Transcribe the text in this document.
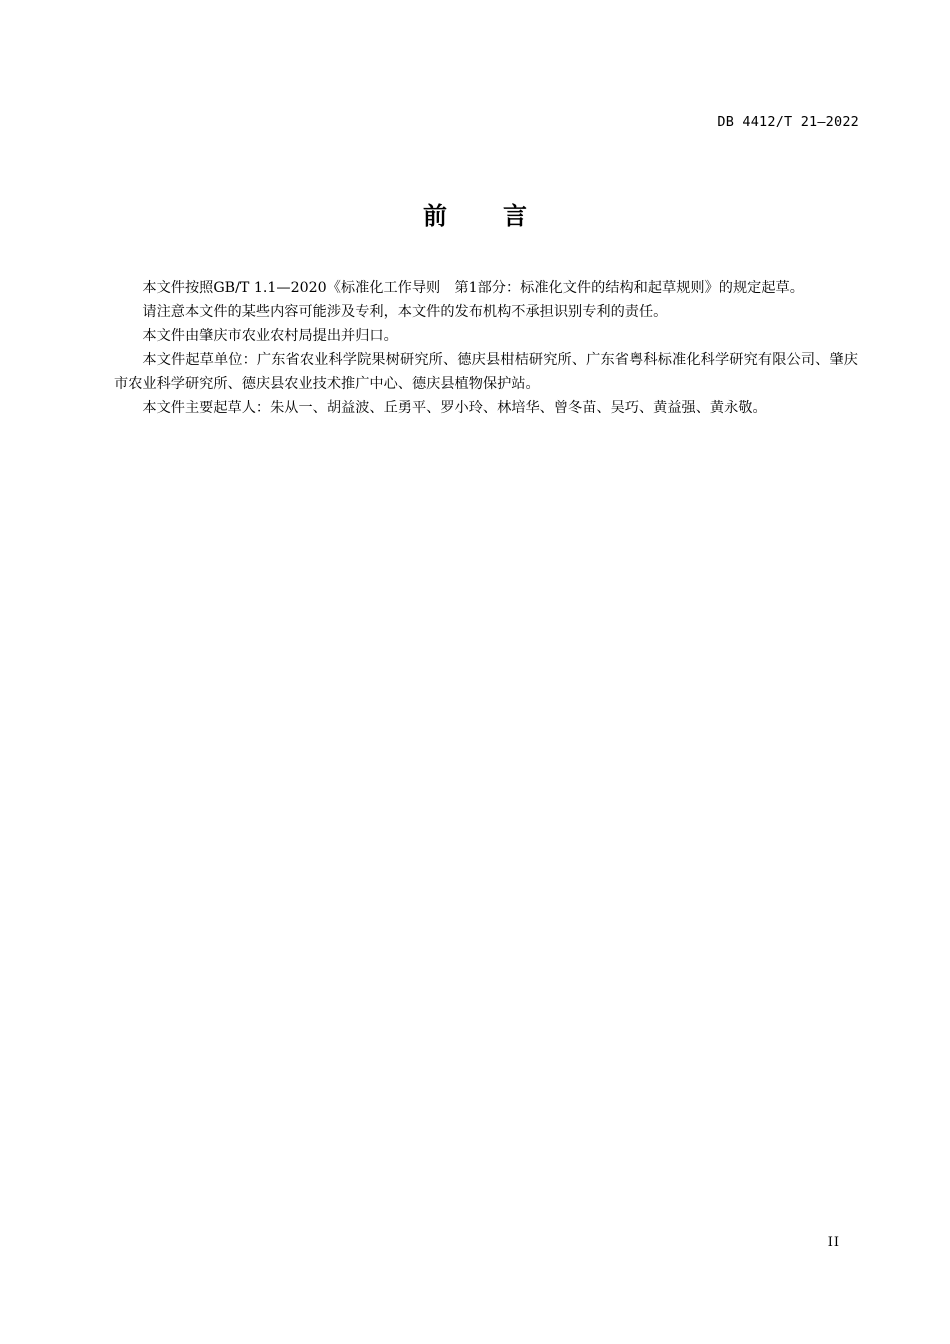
DB 4412/T 21—2022
前 言

本文件按照GB/T 1.1—2020《标准化工作导则　第1部分：标准化文件的结构和起草规则》的规定起草。

请注意本文件的某些内容可能涉及专利，本文件的发布机构不承担识别专利的责任。

本文件由肇庆市农业农村局提出并归口。

本文件起草单位：广东省农业科学院果树研究所、德庆县柑桔研究所、广东省粤科标准化科学研究有限公司、肇庆市农业科学研究所、德庆县农业技术推广中心、德庆县植物保护站。

本文件主要起草人：朱从一、胡益波、丘勇平、罗小玲、林培华、曾冬苗、吴巧、黄益强、黄永敬。

II
